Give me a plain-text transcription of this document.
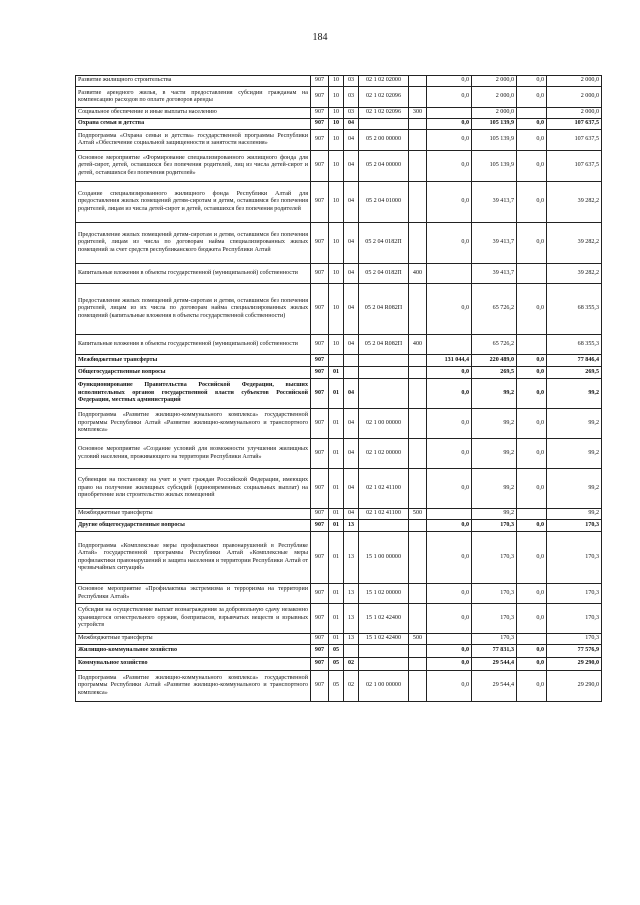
184
Развитие жилищного строительства	907	10	03	02 1 02 02000		0,0	2 000,0	0,0	2 000,0
Развитие арендного жилья, в части предоставления субсидии гражданам на компенсацию расходов по оплате договоров аренды	907	10	03	02 1 02 02096		0,0	2 000,0	0,0	2 000,0
Социальное обеспечение и иные выплаты населению	907	10	03	02 1 02 02096	300		2 000,0		2 000,0
Охрана семьи и детства	907	10	04			0,0	105 139,9	0,0	107 637,5
Подпрограмма «Охрана семьи и детства» государственной программы Республики Алтай «Обеспечение социальной защищенности и занятости населения»	907	10	04	05 2 00 00000		0,0	105 139,9	0,0	107 637,5
Основное мероприятие «Формирование специализированного жилищного фонда для детей-сирот, детей, оставшихся без попечения родителей, лиц из числа детей-сирот и детей, оставшихся без попечения родителей»	907	10	04	05 2 04 00000		0,0	105 139,9	0,0	107 637,5
Создание специализированного жилищного фонда Республики Алтай для предоставления жилых помещений детям-сиротам и детям, оставшимся без попечения родителей, лицам из числа детей-сирот и детей, оставшихся без попечения родителей	907	10	04	05 2 04 01000		0,0	39 413,7	0,0	39 282,2
Предоставление жилых помещений детям-сиротам и детям, оставшимся без попечения родителей, лицам из числа по договорам найма специализированных жилых помещений за счет средств республиканского бюджета Республики Алтай	907	10	04	05 2 04 0182П		0,0	39 413,7	0,0	39 282,2
Капитальные вложения в объекты государственной (муниципальной) собственности	907	10	04	05 2 04 0182П	400		39 413,7		39 282,2
Предоставление жилых помещений детям-сиротам и детям, оставшимся без попечения родителей, лицам из их числа по договорам найма специализированных жилых помещений (капитальные вложения в объекты государственной собственности)	907	10	04	05 2 04 R082П		0,0	65 726,2	0,0	68 355,3
Капитальные вложения в объекты государственной (муниципальной) собственности	907	10	04	05 2 04 R082П	400		65 726,2		68 355,3
Межбюджетные трансферты	907					131 044,4	220 489,0	0,0	77 846,4
Общегосударственные вопросы	907	01				0,0	269,5	0,0	269,5
Функционирование Правительства Российской Федерации, высших исполнительных органов государственной власти субъектов Российской Федерации, местных администраций	907	01	04			0,0	99,2	0,0	99,2
Подпрограмма «Развитие жилищно-коммунального комплекса» государственной программы Республики Алтай «Развитие жилищно-коммунального и транспортного комплекса»	907	01	04	02 1 00 00000		0,0	99,2	0,0	99,2
Основное мероприятие «Создание условий для возможности улучшения жилищных условий населения, проживающего на территории Республики Алтай»	907	01	04	02 1 02 00000		0,0	99,2	0,0	99,2
Субвенции на постановку на учет и учет граждан Российской Федерации, имеющих право на получение жилищных субсидий (единовременных социальных выплат) на приобретение или строительство жилых помещений	907	01	04	02 1 02 41100		0,0	99,2	0,0	99,2
Межбюджетные трансферты	907	01	04	02 1 02 41100	500		99,2		99,2
Другие общегосударственные вопросы	907	01	13			0,0	170,3	0,0	170,3
Подпрограмма «Комплексные меры профилактики правонарушений в Республике Алтай» государственной программы Республики Алтай «Комплексные меры профилактики правонарушений и защита населения и территории Республики Алтай от чрезвычайных ситуаций»	907	01	13	15 1 00 00000		0,0	170,3	0,0	170,3
Основное мероприятие «Профилактика экстремизма и терроризма на территории Республики Алтай»	907	01	13	15 1 02 00000		0,0	170,3	0,0	170,3
Субсидии на осуществление выплат вознаграждения за добровольную сдачу незаконно хранящегося огнестрельного оружия, боеприпасов, взрывчатых веществ и взрывных устройств	907	01	13	15 1 02 42400		0,0	170,3	0,0	170,3
Межбюджетные трансферты	907	01	13	15 1 02 42400	500		170,3		170,3
Жилищно-коммунальное хозяйство	907	05				0,0	77 831,3	0,0	77 576,9
Коммунальное хозяйство	907	05	02			0,0	29 544,4	0,0	29 290,0
Подпрограмма «Развитие жилищно-коммунального комплекса» государственной программы Республики Алтай «Развитие жилищно-коммунального и транспортного комплекса»	907	05	02	02 1 00 00000		0,0	29 544,4	0,0	29 290,0
